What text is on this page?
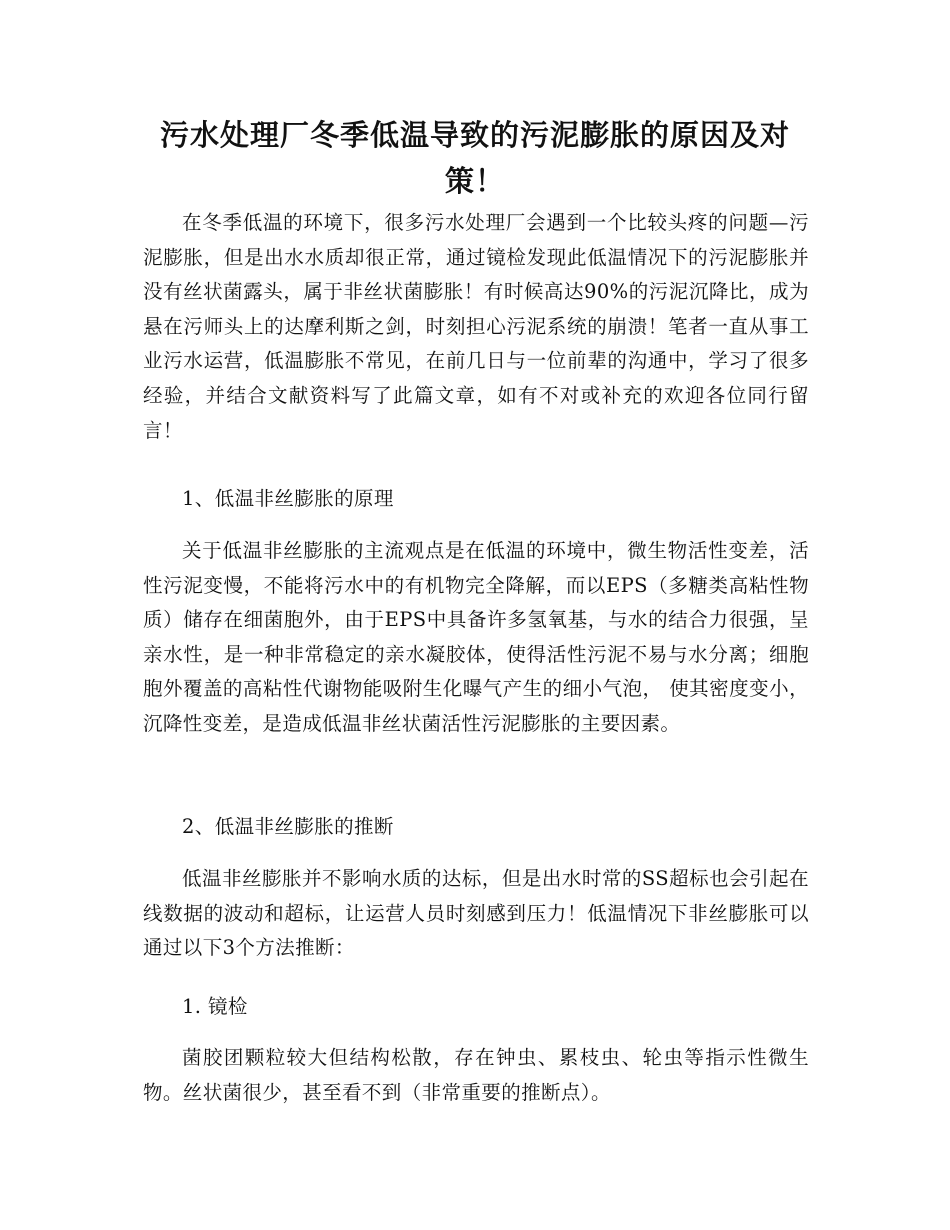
污水处理厂冬季低温导致的污泥膨胀的原因及对策！

在冬季低温的环境下，很多污水处理厂会遇到一个比较头疼的问题—污泥膨胀，但是出水水质却很正常，通过镜检发现此低温情况下的污泥膨胀并没有丝状菌露头，属于非丝状菌膨胀！有时候高达90%的污泥沉降比，成为悬在污师头上的达摩利斯之剑，时刻担心污泥系统的崩溃！笔者一直从事工业污水运营，低温膨胀不常见，在前几日与一位前辈的沟通中，学习了很多经验，并结合文献资料写了此篇文章，如有不对或补充的欢迎各位同行留言！

1、低温非丝膨胀的原理

关于低温非丝膨胀的主流观点是在低温的环境中，微生物活性变差，活性污泥变慢，不能将污水中的有机物完全降解，而以EPS（多糖类高粘性物质）储存在细菌胞外，由于EPS中具备许多氢氧基，与水的结合力很强，呈亲水性，是一种非常稳定的亲水凝胶体，使得活性污泥不易与水分离；细胞胞外覆盖的高粘性代谢物能吸附生化曝气产生的细小气泡， 使其密度变小，沉降性变差，是造成低温非丝状菌活性污泥膨胀的主要因素。

2、低温非丝膨胀的推断

低温非丝膨胀并不影响水质的达标，但是出水时常的SS超标也会引起在线数据的波动和超标，让运营人员时刻感到压力！低温情况下非丝膨胀可以通过以下3个方法推断：

1. 镜检

菌胶团颗粒较大但结构松散，存在钟虫、累枝虫、轮虫等指示性微生物。丝状菌很少，甚至看不到（非常重要的推断点）。
